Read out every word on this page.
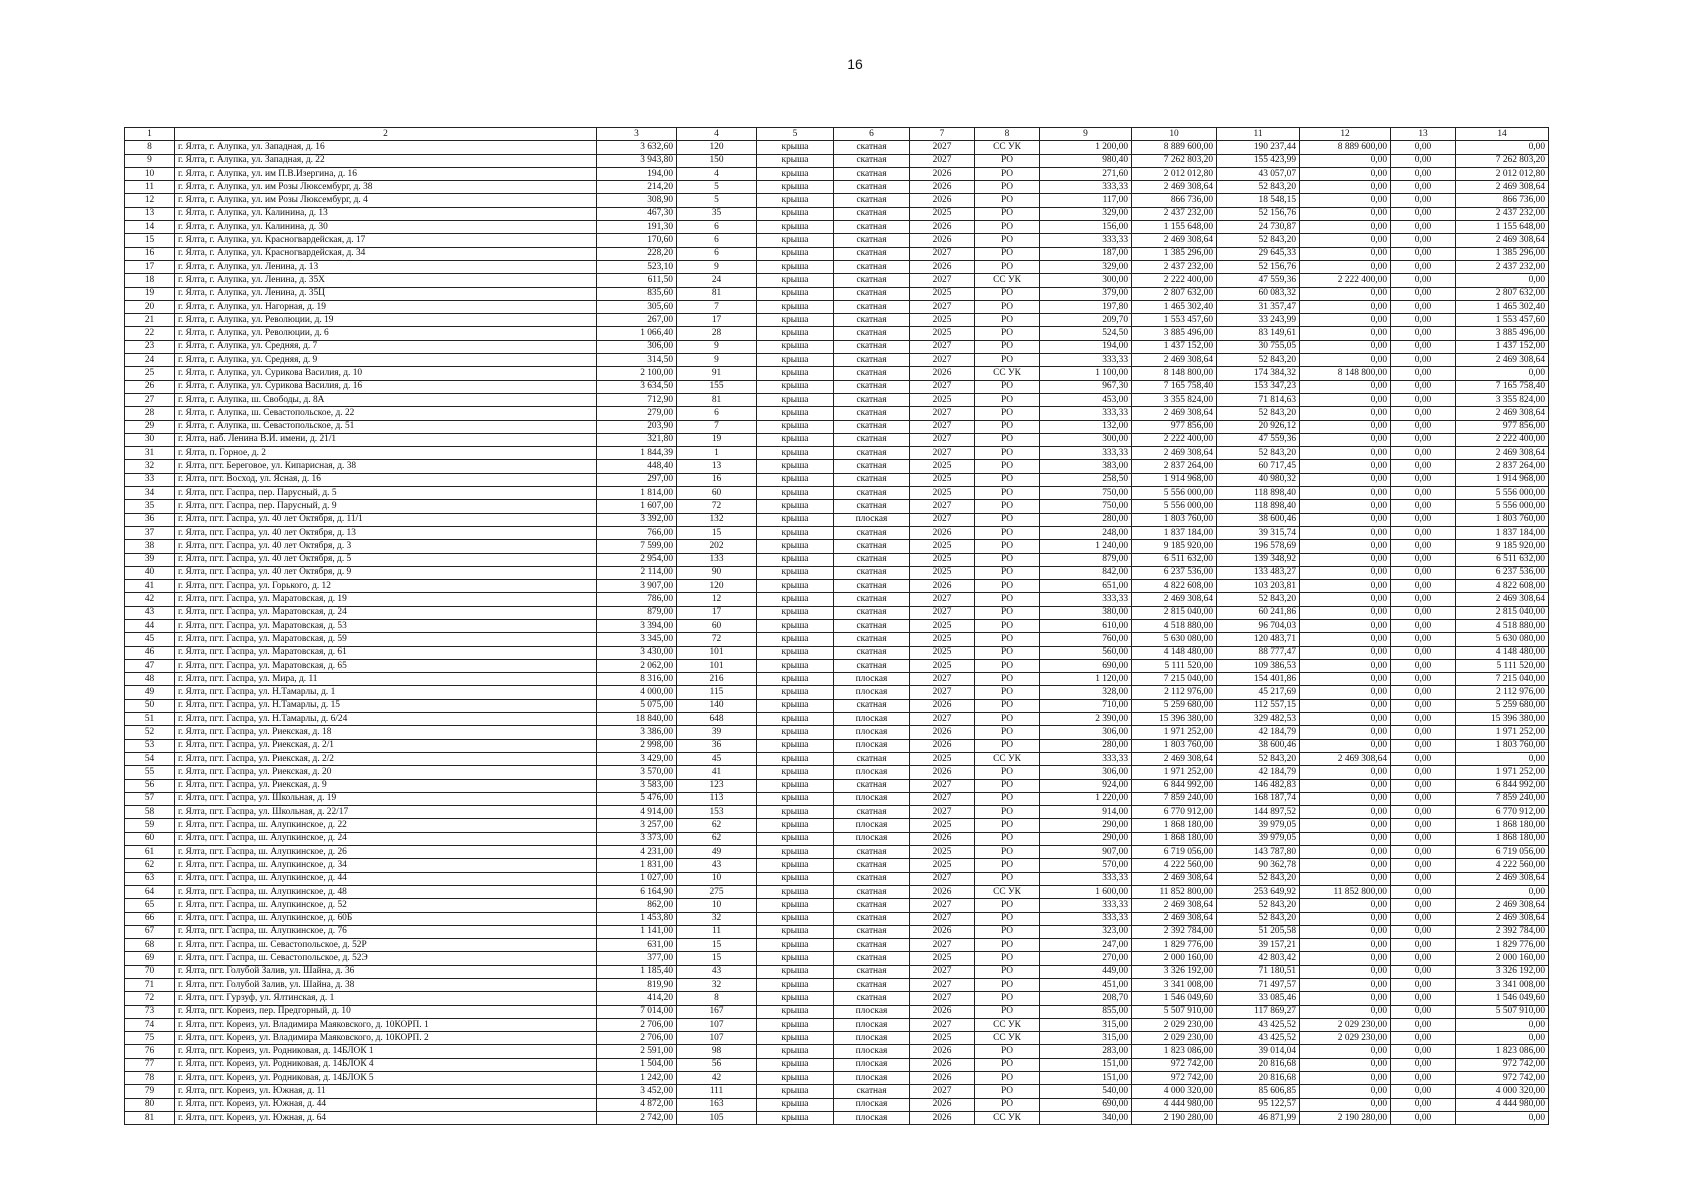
16
1	2	3	4	5	6	7	8	9	10	11	12	13	14
8	г. Ялта, г. Алупка, ул. Западная, д. 16	3 632,60	120	крыша	скатная	2027	СС УК	1 200,00	8 889 600,00	190 237,44	8 889 600,00	0,00	0,00
9	г. Ялта, г. Алупка, ул. Западная, д. 22	3 943,80	150	крыша	скатная	2027	РО	980,40	7 262 803,20	155 423,99	0,00	0,00	7 262 803,20
10	г. Ялта, г. Алупка, ул. им П.В.Изергина, д. 16	194,00	4	крыша	скатная	2026	РО	271,60	2 012 012,80	43 057,07	0,00	0,00	2 012 012,80
11	г. Ялта, г. Алупка, ул. им Розы Люксембург, д. 38	214,20	5	крыша	скатная	2026	РО	333,33	2 469 308,64	52 843,20	0,00	0,00	2 469 308,64
12	г. Ялта, г. Алупка, ул. им Розы Люксембург, д. 4	308,90	5	крыша	скатная	2026	РО	117,00	866 736,00	18 548,15	0,00	0,00	866 736,00
13	г. Ялта, г. Алупка, ул. Калинина, д. 13	467,30	35	крыша	скатная	2025	РО	329,00	2 437 232,00	52 156,76	0,00	0,00	2 437 232,00
14	г. Ялта, г. Алупка, ул. Калинина, д. 30	191,30	6	крыша	скатная	2026	РО	156,00	1 155 648,00	24 730,87	0,00	0,00	1 155 648,00
15	г. Ялта, г. Алупка, ул. Красногвардейская, д. 17	170,60	6	крыша	скатная	2026	РО	333,33	2 469 308,64	52 843,20	0,00	0,00	2 469 308,64
16	г. Ялта, г. Алупка, ул. Красногвардейская, д. 34	228,20	6	крыша	скатная	2027	РО	187,00	1 385 296,00	29 645,33	0,00	0,00	1 385 296,00
17	г. Ялта, г. Алупка, ул. Ленина, д. 13	523,10	9	крыша	скатная	2026	РО	329,00	2 437 232,00	52 156,76	0,00	0,00	2 437 232,00
18	г. Ялта, г. Алупка, ул. Ленина, д. 35Х	611,50	24	крыша	скатная	2027	СС УК	300,00	2 222 400,00	47 559,36	2 222 400,00	0,00	0,00
19	г. Ялта, г. Алупка, ул. Ленина, д. 35Ц	835,60	81	крыша	скатная	2025	РО	379,00	2 807 632,00	60 083,32	0,00	0,00	2 807 632,00
20	г. Ялта, г. Алупка, ул. Нагорная, д. 19	305,60	7	крыша	скатная	2027	РО	197,80	1 465 302,40	31 357,47	0,00	0,00	1 465 302,40
21	г. Ялта, г. Алупка, ул. Революции, д. 19	267,00	17	крыша	скатная	2025	РО	209,70	1 553 457,60	33 243,99	0,00	0,00	1 553 457,60
22	г. Ялта, г. Алупка, ул. Революции, д. 6	1 066,40	28	крыша	скатная	2025	РО	524,50	3 885 496,00	83 149,61	0,00	0,00	3 885 496,00
23	г. Ялта, г. Алупка, ул. Средняя, д. 7	306,00	9	крыша	скатная	2027	РО	194,00	1 437 152,00	30 755,05	0,00	0,00	1 437 152,00
24	г. Ялта, г. Алупка, ул. Средняя, д. 9	314,50	9	крыша	скатная	2027	РО	333,33	2 469 308,64	52 843,20	0,00	0,00	2 469 308,64
25	г. Ялта, г. Алупка, ул. Сурикова Василия, д. 10	2 100,00	91	крыша	скатная	2026	СС УК	1 100,00	8 148 800,00	174 384,32	8 148 800,00	0,00	0,00
26	г. Ялта, г. Алупка, ул. Сурикова Василия, д. 16	3 634,50	155	крыша	скатная	2027	РО	967,30	7 165 758,40	153 347,23	0,00	0,00	7 165 758,40
27	г. Ялта, г. Алупка, ш. Свободы, д. 8А	712,90	81	крыша	скатная	2025	РО	453,00	3 355 824,00	71 814,63	0,00	0,00	3 355 824,00
28	г. Ялта, г. Алупка, ш. Севастопольское, д. 22	279,00	6	крыша	скатная	2027	РО	333,33	2 469 308,64	52 843,20	0,00	0,00	2 469 308,64
29	г. Ялта, г. Алупка, ш. Севастопольское, д. 51	203,90	7	крыша	скатная	2027	РО	132,00	977 856,00	20 926,12	0,00	0,00	977 856,00
30	г. Ялта, наб. Ленина В.И. имени, д. 21/1	321,80	19	крыша	скатная	2027	РО	300,00	2 222 400,00	47 559,36	0,00	0,00	2 222 400,00
31	г. Ялта, п. Горное, д. 2	1 844,39	1	крыша	скатная	2027	РО	333,33	2 469 308,64	52 843,20	0,00	0,00	2 469 308,64
32	г. Ялта, пгт. Береговое, ул. Кипарисная, д. 38	448,40	13	крыша	скатная	2025	РО	383,00	2 837 264,00	60 717,45	0,00	0,00	2 837 264,00
33	г. Ялта, пгт. Восход, ул. Ясная, д. 16	297,00	16	крыша	скатная	2025	РО	258,50	1 914 968,00	40 980,32	0,00	0,00	1 914 968,00
34	г. Ялта, пгт. Гаспра, пер. Парусный, д. 5	1 814,00	60	крыша	скатная	2025	РО	750,00	5 556 000,00	118 898,40	0,00	0,00	5 556 000,00
35	г. Ялта, пгт. Гаспра, пер. Парусный, д. 9	1 607,00	72	крыша	скатная	2027	РО	750,00	5 556 000,00	118 898,40	0,00	0,00	5 556 000,00
36	г. Ялта, пгт. Гаспра, ул. 40 лет Октября, д. 11/1	3 392,00	132	крыша	плоская	2027	РО	280,00	1 803 760,00	38 600,46	0,00	0,00	1 803 760,00
37	г. Ялта, пгт. Гаспра, ул. 40 лет Октября, д. 13	766,00	15	крыша	скатная	2026	РО	248,00	1 837 184,00	39 315,74	0,00	0,00	1 837 184,00
38	г. Ялта, пгт. Гаспра, ул. 40 лет Октября, д. 3	7 599,00	202	крыша	скатная	2025	РО	1 240,00	9 185 920,00	196 578,69	0,00	0,00	9 185 920,00
39	г. Ялта, пгт. Гаспра, ул. 40 лет Октября, д. 5	2 954,00	133	крыша	скатная	2025	РО	879,00	6 511 632,00	139 348,92	0,00	0,00	6 511 632,00
40	г. Ялта, пгт. Гаспра, ул. 40 лет Октября, д. 9	2 114,00	90	крыша	скатная	2025	РО	842,00	6 237 536,00	133 483,27	0,00	0,00	6 237 536,00
41	г. Ялта, пгт. Гаспра, ул. Горького, д. 12	3 907,00	120	крыша	скатная	2026	РО	651,00	4 822 608,00	103 203,81	0,00	0,00	4 822 608,00
42	г. Ялта, пгт. Гаспра, ул. Маратовская, д. 19	786,00	12	крыша	скатная	2027	РО	333,33	2 469 308,64	52 843,20	0,00	0,00	2 469 308,64
43	г. Ялта, пгт. Гаспра, ул. Маратовская, д. 24	879,00	17	крыша	скатная	2027	РО	380,00	2 815 040,00	60 241,86	0,00	0,00	2 815 040,00
44	г. Ялта, пгт. Гаспра, ул. Маратовская, д. 53	3 394,00	60	крыша	скатная	2025	РО	610,00	4 518 880,00	96 704,03	0,00	0,00	4 518 880,00
45	г. Ялта, пгт. Гаспра, ул. Маратовская, д. 59	3 345,00	72	крыша	скатная	2025	РО	760,00	5 630 080,00	120 483,71	0,00	0,00	5 630 080,00
46	г. Ялта, пгт. Гаспра, ул. Маратовская, д. 61	3 430,00	101	крыша	скатная	2025	РО	560,00	4 148 480,00	88 777,47	0,00	0,00	4 148 480,00
47	г. Ялта, пгт. Гаспра, ул. Маратовская, д. 65	2 062,00	101	крыша	скатная	2025	РО	690,00	5 111 520,00	109 386,53	0,00	0,00	5 111 520,00
48	г. Ялта, пгт. Гаспра, ул. Мира, д. 11	8 316,00	216	крыша	плоская	2027	РО	1 120,00	7 215 040,00	154 401,86	0,00	0,00	7 215 040,00
49	г. Ялта, пгт. Гаспра, ул. Н.Тамарлы, д. 1	4 000,00	115	крыша	плоская	2027	РО	328,00	2 112 976,00	45 217,69	0,00	0,00	2 112 976,00
50	г. Ялта, пгт. Гаспра, ул. Н.Тамарлы, д. 15	5 075,00	140	крыша	скатная	2026	РО	710,00	5 259 680,00	112 557,15	0,00	0,00	5 259 680,00
51	г. Ялта, пгт. Гаспра, ул. Н.Тамарлы, д. 6/24	18 840,00	648	крыша	плоская	2027	РО	2 390,00	15 396 380,00	329 482,53	0,00	0,00	15 396 380,00
52	г. Ялта, пгт. Гаспра, ул. Риекская, д. 18	3 386,00	39	крыша	плоская	2026	РО	306,00	1 971 252,00	42 184,79	0,00	0,00	1 971 252,00
53	г. Ялта, пгт. Гаспра, ул. Риекская, д. 2/1	2 998,00	36	крыша	плоская	2026	РО	280,00	1 803 760,00	38 600,46	0,00	0,00	1 803 760,00
54	г. Ялта, пгт. Гаспра, ул. Риекская, д. 2/2	3 429,00	45	крыша	скатная	2025	СС УК	333,33	2 469 308,64	52 843,20	2 469 308,64	0,00	0,00
55	г. Ялта, пгт. Гаспра, ул. Риекская, д. 20	3 570,00	41	крыша	плоская	2026	РО	306,00	1 971 252,00	42 184,79	0,00	0,00	1 971 252,00
56	г. Ялта, пгт. Гаспра, ул. Риекская, д. 9	3 583,00	123	крыша	скатная	2027	РО	924,00	6 844 992,00	146 482,83	0,00	0,00	6 844 992,00
57	г. Ялта, пгт. Гаспра, ул. Школьная, д. 19	5 476,00	113	крыша	плоская	2027	РО	1 220,00	7 859 240,00	168 187,74	0,00	0,00	7 859 240,00
58	г. Ялта, пгт. Гаспра, ул. Школьная, д. 22/17	4 914,00	153	крыша	скатная	2027	РО	914,00	6 770 912,00	144 897,52	0,00	0,00	6 770 912,00
59	г. Ялта, пгт. Гаспра, ш. Алупкинское, д. 22	3 257,00	62	крыша	плоская	2025	РО	290,00	1 868 180,00	39 979,05	0,00	0,00	1 868 180,00
60	г. Ялта, пгт. Гаспра, ш. Алупкинское, д. 24	3 373,00	62	крыша	плоская	2026	РО	290,00	1 868 180,00	39 979,05	0,00	0,00	1 868 180,00
61	г. Ялта, пгт. Гаспра, ш. Алупкинское, д. 26	4 231,00	49	крыша	скатная	2025	РО	907,00	6 719 056,00	143 787,80	0,00	0,00	6 719 056,00
62	г. Ялта, пгт. Гаспра, ш. Алупкинское, д. 34	1 831,00	43	крыша	скатная	2025	РО	570,00	4 222 560,00	90 362,78	0,00	0,00	4 222 560,00
63	г. Ялта, пгт. Гаспра, ш. Алупкинское, д. 44	1 027,00	10	крыша	скатная	2027	РО	333,33	2 469 308,64	52 843,20	0,00	0,00	2 469 308,64
64	г. Ялта, пгт. Гаспра, ш. Алупкинское, д. 48	6 164,90	275	крыша	скатная	2026	СС УК	1 600,00	11 852 800,00	253 649,92	11 852 800,00	0,00	0,00
65	г. Ялта, пгт. Гаспра, ш. Алупкинское, д. 52	862,00	10	крыша	скатная	2027	РО	333,33	2 469 308,64	52 843,20	0,00	0,00	2 469 308,64
66	г. Ялта, пгт. Гаспра, ш. Алупкинское, д. 60Б	1 453,80	32	крыша	скатная	2027	РО	333,33	2 469 308,64	52 843,20	0,00	0,00	2 469 308,64
67	г. Ялта, пгт. Гаспра, ш. Алупкинское, д. 76	1 141,00	11	крыша	скатная	2026	РО	323,00	2 392 784,00	51 205,58	0,00	0,00	2 392 784,00
68	г. Ялта, пгт. Гаспра, ш. Севастопольское, д. 52Р	631,00	15	крыша	скатная	2027	РО	247,00	1 829 776,00	39 157,21	0,00	0,00	1 829 776,00
69	г. Ялта, пгт. Гаспра, ш. Севастопольское, д. 52Э	377,00	15	крыша	скатная	2025	РО	270,00	2 000 160,00	42 803,42	0,00	0,00	2 000 160,00
70	г. Ялта, пгт. Голубой Залив, ул. Шайна, д. 36	1 185,40	43	крыша	скатная	2027	РО	449,00	3 326 192,00	71 180,51	0,00	0,00	3 326 192,00
71	г. Ялта, пгт. Голубой Залив, ул. Шайна, д. 38	819,90	32	крыша	скатная	2027	РО	451,00	3 341 008,00	71 497,57	0,00	0,00	3 341 008,00
72	г. Ялта, пгт. Гурзуф, ул. Ялтинская, д. 1	414,20	8	крыша	скатная	2027	РО	208,70	1 546 049,60	33 085,46	0,00	0,00	1 546 049,60
73	г. Ялта, пгт. Кореиз, пер. Предгорный, д. 10	7 014,00	167	крыша	плоская	2026	РО	855,00	5 507 910,00	117 869,27	0,00	0,00	5 507 910,00
74	г. Ялта, пгт. Кореиз, ул. Владимира Маяковского, д. 10КОРП. 1	2 706,00	107	крыша	плоская	2027	СС УК	315,00	2 029 230,00	43 425,52	2 029 230,00	0,00	0,00
75	г. Ялта, пгт. Кореиз, ул. Владимира Маяковского, д. 10КОРП. 2	2 706,00	107	крыша	плоская	2025	СС УК	315,00	2 029 230,00	43 425,52	2 029 230,00	0,00	0,00
76	г. Ялта, пгт. Кореиз, ул. Родниковая, д. 14БЛОК 1	2 591,00	98	крыша	плоская	2026	РО	283,00	1 823 086,00	39 014,04	0,00	0,00	1 823 086,00
77	г. Ялта, пгт. Кореиз, ул. Родниковая, д. 14БЛОК 4	1 504,00	56	крыша	плоская	2026	РО	151,00	972 742,00	20 816,68	0,00	0,00	972 742,00
78	г. Ялта, пгт. Кореиз, ул. Родниковая, д. 14БЛОК 5	1 242,00	42	крыша	плоская	2026	РО	151,00	972 742,00	20 816,68	0,00	0,00	972 742,00
79	г. Ялта, пгт. Кореиз, ул. Южная, д. 11	3 452,00	111	крыша	скатная	2027	РО	540,00	4 000 320,00	85 606,85	0,00	0,00	4 000 320,00
80	г. Ялта, пгт. Кореиз, ул. Южная, д. 44	4 872,00	163	крыша	плоская	2026	РО	690,00	4 444 980,00	95 122,57	0,00	0,00	4 444 980,00
81	г. Ялта, пгт. Кореиз, ул. Южная, д. 64	2 742,00	105	крыша	плоская	2026	СС УК	340,00	2 190 280,00	46 871,99	2 190 280,00	0,00	0,00
